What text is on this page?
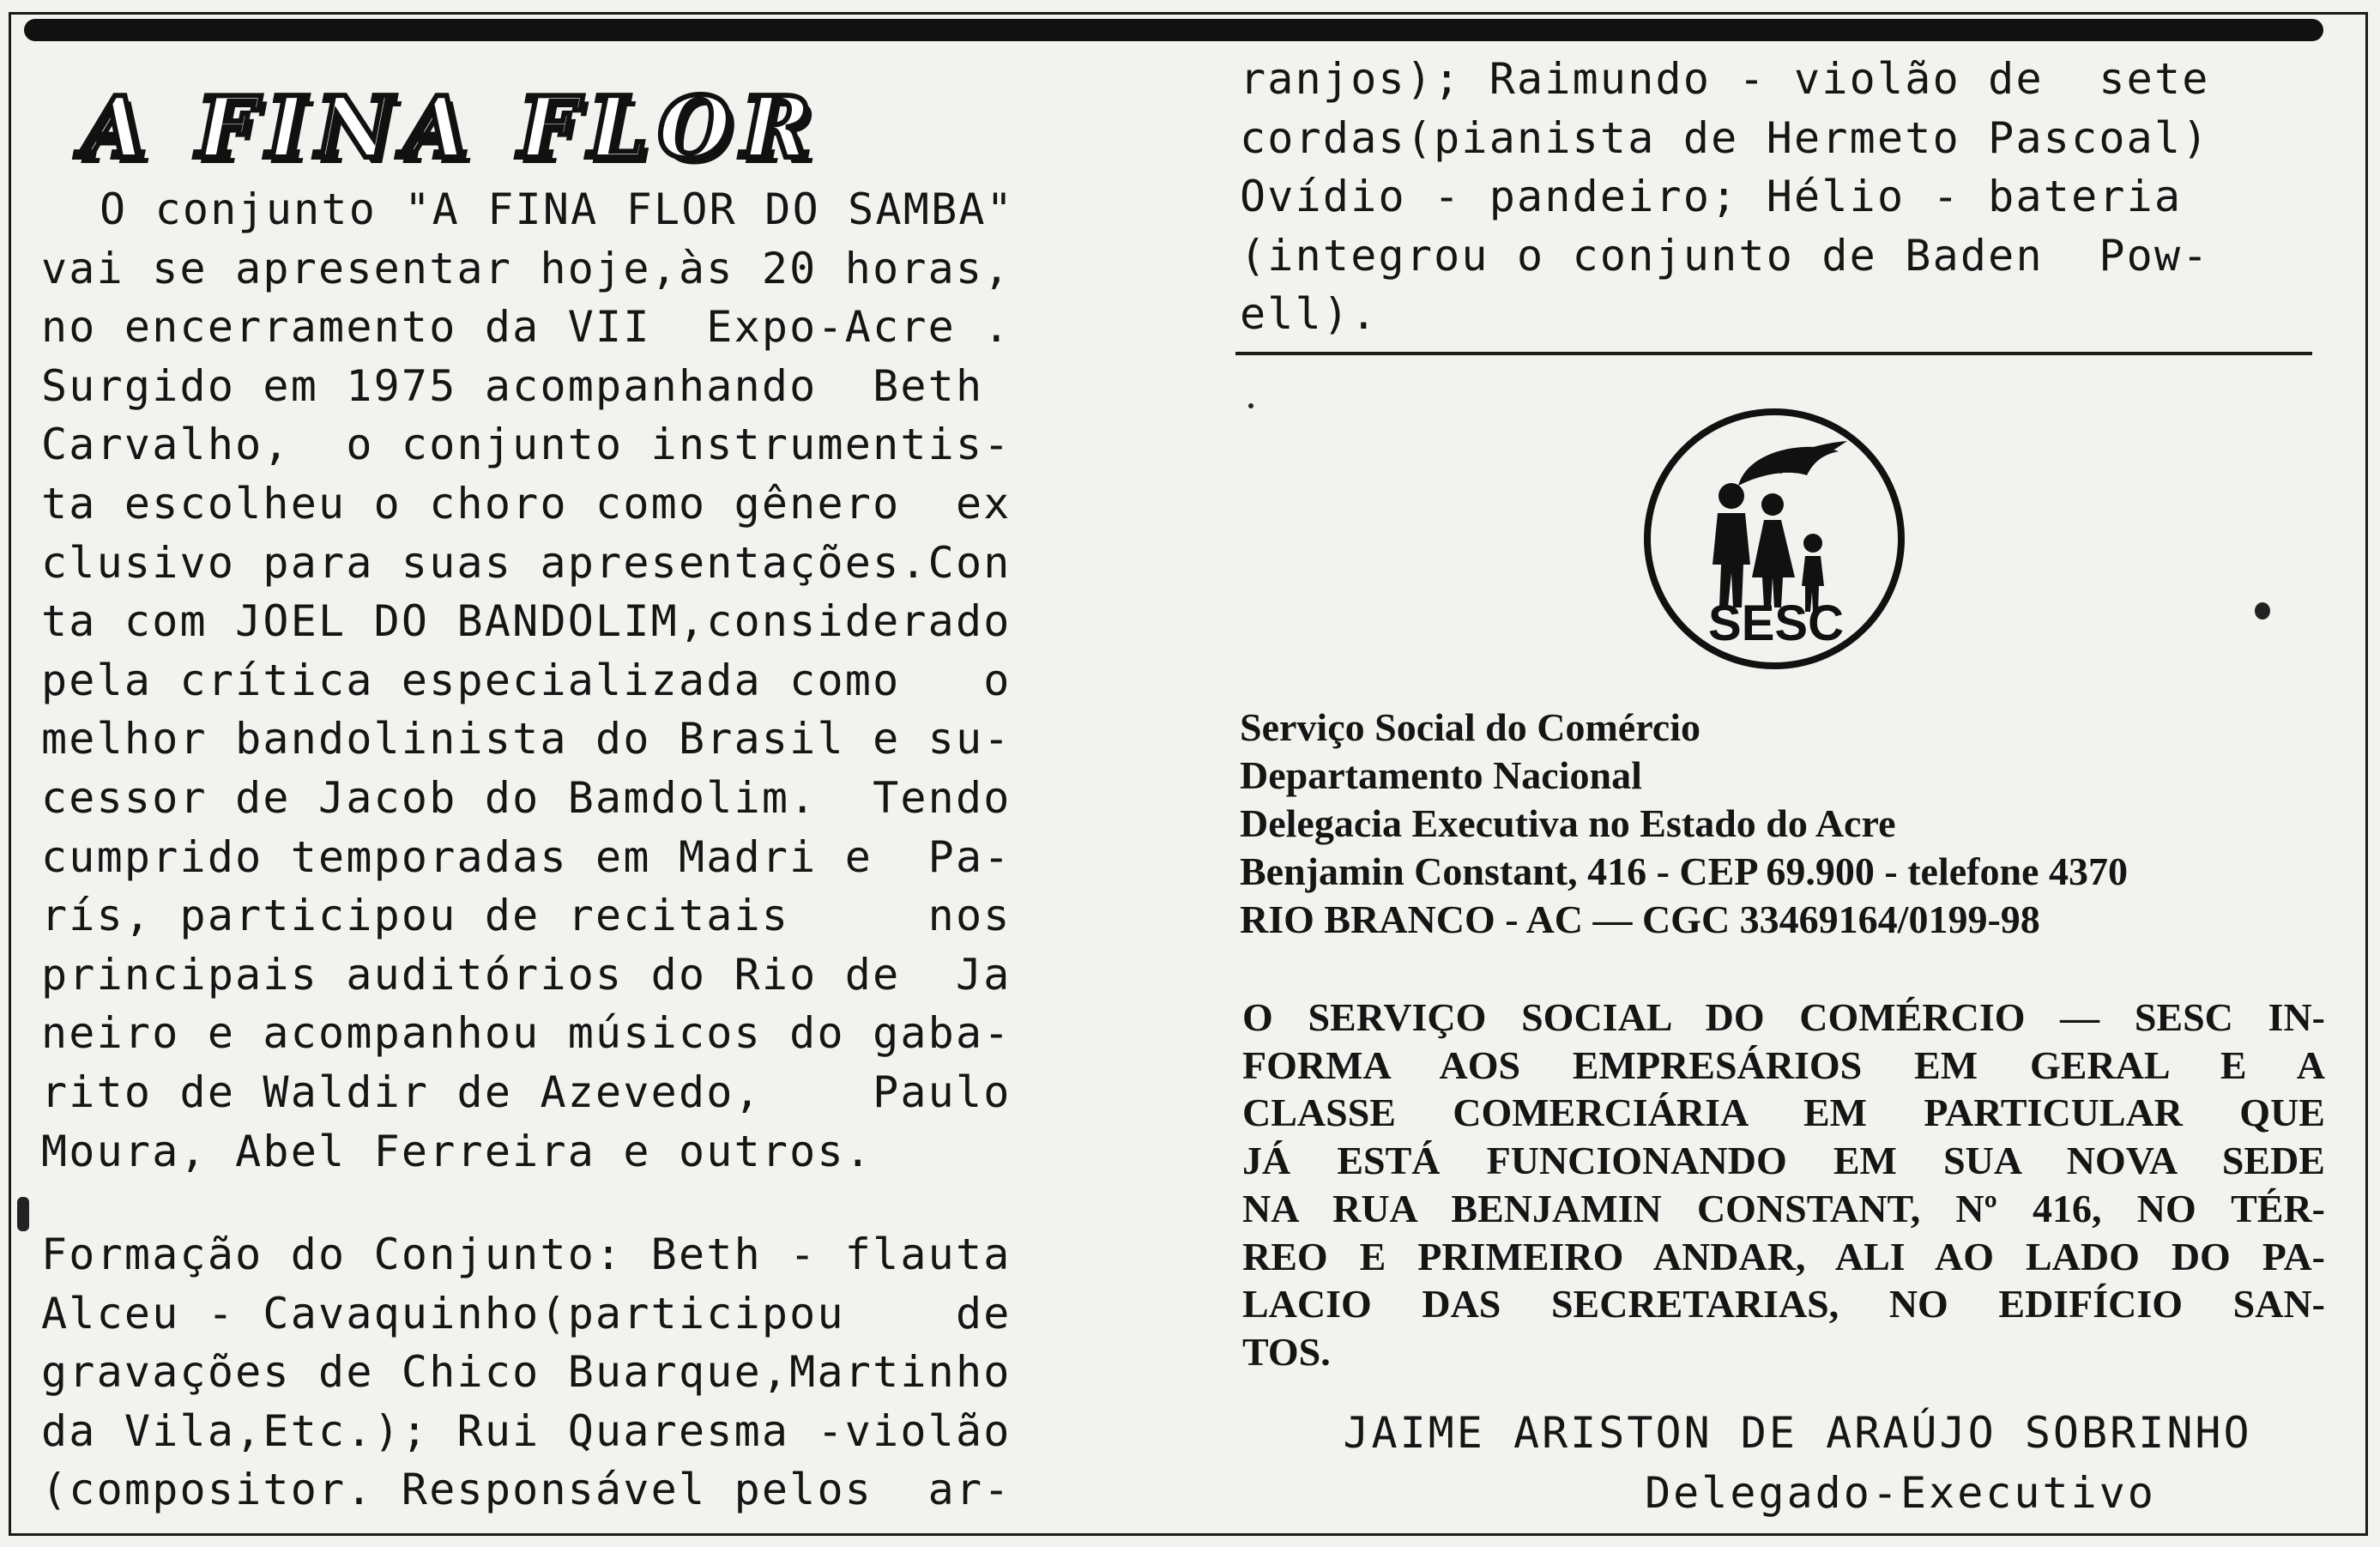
A FINA FLOR

O conjunto "A FINA FLOR DO SAMBA"
vai se apresentar hoje,às 20 horas,
no encerramento da VII  Expo-Acre .
Surgido em 1975 acompanhando  Beth
Carvalho,  o conjunto instrumentis-
ta escolheu o choro como gênero  ex
clusivo para suas apresentações.Con
ta com JOEL DO BANDOLIM,considerado
pela crítica especializada como   o
melhor bandolinista do Brasil e su-
cessor de Jacob do Bamdolim.  Tendo
cumprido temporadas em Madri e  Pa-
rís, participou de recitais     nos
principais auditórios do Rio de  Ja
neiro e acompanhou músicos do gaba-
rito de Waldir de Azevedo,    Paulo
Moura, Abel Ferreira e outros.

Formação do Conjunto: Beth - flauta
Alceu - Cavaquinho(participou    de
gravações de Chico Buarque,Martinho
da Vila,Etc.); Rui Quaresma -violão
(compositor. Responsável pelos  ar-

ranjos); Raimundo - violão de  sete
cordas(pianista de Hermeto Pascoal)
Ovídio - pandeiro; Hélio - bateria
(integrou o conjunto de Baden  Pow-
ell).

SESC
Serviço Social do Comércio
Departamento Nacional
Delegacia Executiva no Estado do Acre
Benjamin Constant, 416 - CEP 69.900 - telefone 4370
RIO BRANCO - AC — CGC 33469164/0199-98
O SERVIÇO SOCIAL DO COMÉRCIO — SESC IN-
FORMA AOS EMPRESÁRIOS EM GERAL E A
CLASSE COMERCIÁRIA EM PARTICULAR QUE
JÁ ESTÁ FUNCIONANDO EM SUA NOVA SEDE
NA RUA BENJAMIN CONSTANT, Nº 416, NO TÉR-
REO E PRIMEIRO ANDAR, ALI AO LADO DO PA-
LACIO DAS SECRETARIAS, NO EDIFÍCIO SAN-
TOS.
JAIME ARISTON DE ARAÚJO SOBRINHO
Delegado-Executivo
